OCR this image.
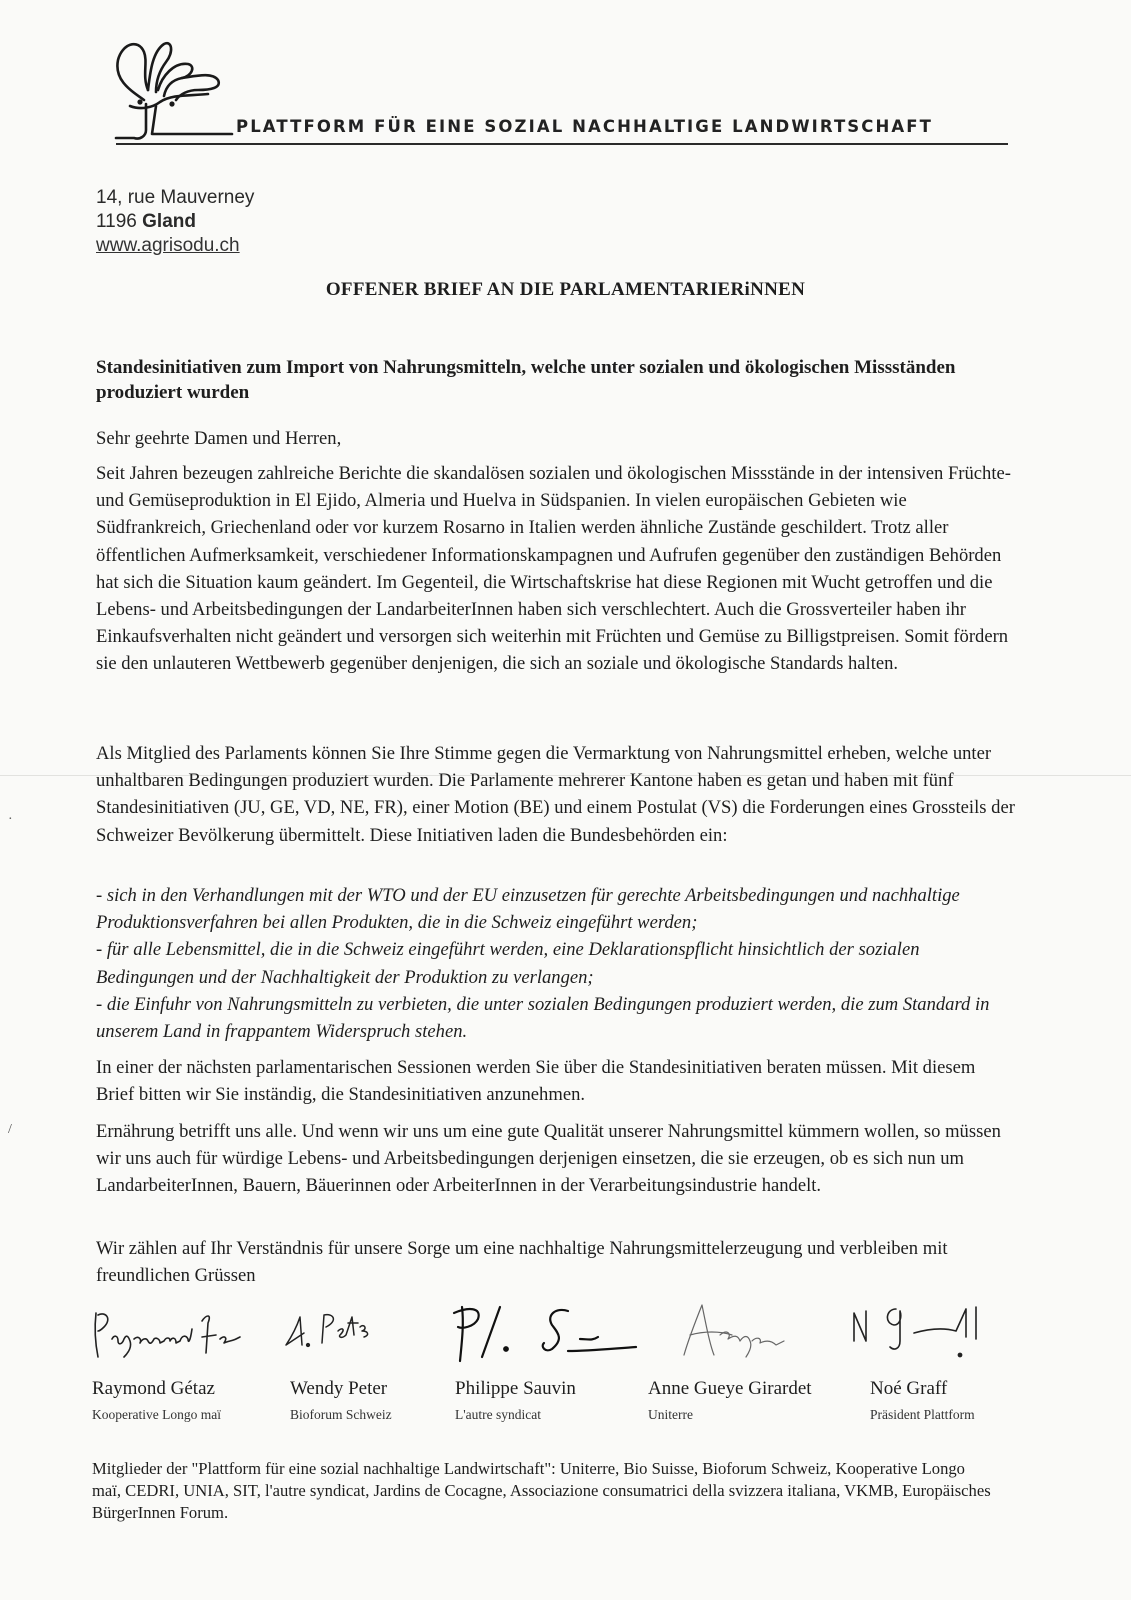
PLATTFORM FÜR EINE SOZIAL NACHHALTIGE LANDWIRTSCHAFT
14, rue Mauverney
1196 Gland
www.agrisodu.ch
OFFENER BRIEF AN DIE PARLAMENTARIERiNNEN
Standesinitiativen zum Import von Nahrungsmitteln, welche unter sozialen und ökologischen Missständen produziert wurden
Sehr geehrte Damen und Herren,
Seit Jahren bezeugen zahlreiche Berichte die skandalösen sozialen und ökologischen Missstände in der intensiven Früchte- und Gemüseproduktion in El Ejido, Almeria und Huelva in Südspanien. In vielen europäischen Gebieten wie Südfrankreich, Griechenland oder vor kurzem Rosarno in Italien werden ähnliche Zustände geschildert. Trotz aller öffentlichen Aufmerksamkeit, verschiedener Informationskampagnen und Aufrufen gegenüber den zuständigen Behörden hat sich die Situation kaum geändert. Im Gegenteil, die Wirtschaftskrise hat diese Regionen mit Wucht getroffen und die Lebens- und Arbeitsbedingungen der LandarbeiterInnen haben sich verschlechtert. Auch die Grossverteiler haben ihr Einkaufsverhalten nicht geändert und versorgen sich weiterhin mit Früchten und Gemüse zu Billigstpreisen. Somit fördern sie den unlauteren Wettbewerb gegenüber denjenigen, die sich an soziale und ökologische Standards halten.
Als Mitglied des Parlaments können Sie Ihre Stimme gegen die Vermarktung von Nahrungsmittel erheben, welche unter unhaltbaren Bedingungen produziert wurden. Die Parlamente mehrerer Kantone haben es getan und haben mit fünf Standesinitiativen (JU, GE, VD, NE, FR), einer Motion (BE) und einem Postulat (VS) die Forderungen eines Grossteils der Schweizer Bevölkerung übermittelt. Diese Initiativen laden die Bundesbehörden ein:
- sich in den Verhandlungen mit der WTO und der EU einzusetzen für gerechte Arbeitsbedingungen und nachhaltige Produktionsverfahren bei allen Produkten, die in die Schweiz eingeführt werden;
- für alle Lebensmittel, die in die Schweiz eingeführt werden, eine Deklarationspflicht hinsichtlich der sozialen Bedingungen und der Nachhaltigkeit der Produktion zu verlangen;
- die Einfuhr von Nahrungsmitteln zu verbieten, die unter sozialen Bedingungen produziert werden, die zum Standard in unserem Land in frappantem Widerspruch stehen.
In einer der nächsten parlamentarischen Sessionen werden Sie über die Standesinitiativen beraten müssen. Mit diesem Brief bitten wir Sie inständig, die Standesinitiativen anzunehmen.
Ernährung betrifft uns alle. Und wenn wir uns um eine gute Qualität unserer Nahrungsmittel kümmern wollen, so müssen wir uns auch für würdige Lebens- und Arbeitsbedingungen derjenigen einsetzen, die sie erzeugen, ob es sich nun um LandarbeiterInnen, Bauern, Bäuerinnen oder ArbeiterInnen in der Verarbeitungsindustrie handelt.
Wir zählen auf Ihr Verständnis für unsere Sorge um eine nachhaltige Nahrungsmittelerzeugung und verbleiben mit freundlichen Grüssen
Raymond Gétaz	Wendy Peter	Philippe Sauvin	Anne Gueye Girardet	Noé Graff
Kooperative Longo maï	Bioforum Schweiz	L'autre syndicat	Uniterre	Präsident Plattform
Mitglieder der "Plattform für eine sozial nachhaltige Landwirtschaft": Uniterre, Bio Suisse, Bioforum Schweiz, Kooperative Longo maï, CEDRI, UNIA, SIT, l'autre syndicat, Jardins de Cocagne, Associazione consumatrici della svizzera italiana, VKMB, Europäisches BürgerInnen Forum.
·
/
